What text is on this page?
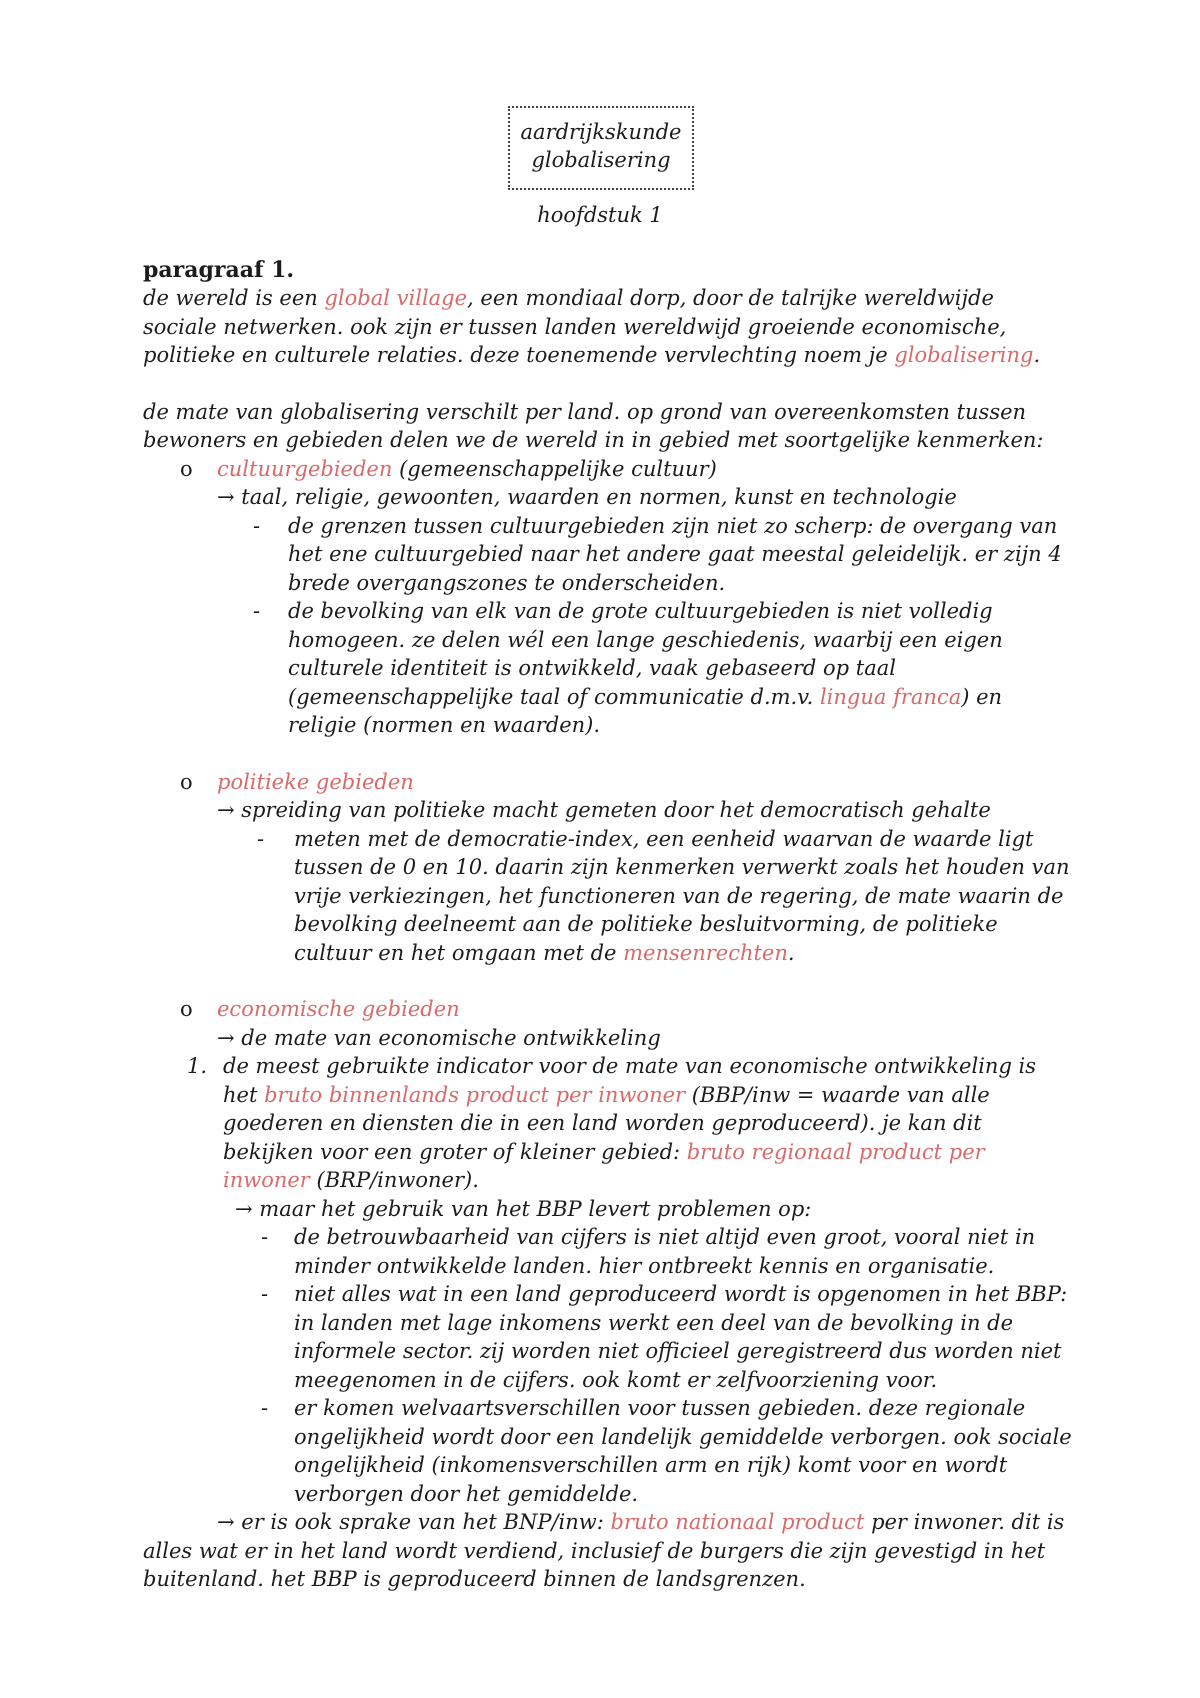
aardrijkskunde
globalisering
hoofdstuk 1

paragraaf 1.

de wereld is een global village, een mondiaal dorp, door de talrijke wereldwijde sociale netwerken. ook zijn er tussen landen wereldwijd groeiende economische, politieke en culturele relaties. deze toenemende vervlechting noem je globalisering.

de mate van globalisering verschilt per land. op grond van overeenkomsten tussen bewoners en gebieden delen we de wereld in in gebied met soortgelijke kenmerken:

o cultuurgebieden (gemeenschappelijke cultuur)
→ taal, religie, gewoonten, waarden en normen, kunst en technologie
- de grenzen tussen cultuurgebieden zijn niet zo scherp: de overgang van het ene cultuurgebied naar het andere gaat meestal geleidelijk. er zijn 4 brede overgangszones te onderscheiden.
- de bevolking van elk van de grote cultuurgebieden is niet volledig homogeen. ze delen wél een lange geschiedenis, waarbij een eigen culturele identiteit is ontwikkeld, vaak gebaseerd op taal (gemeenschappelijke taal of communicatie d.m.v. lingua franca) en religie (normen en waarden).
o politieke gebieden
→ spreiding van politieke macht gemeten door het democratisch gehalte
- meten met de democratie-index, een eenheid waarvan de waarde ligt tussen de 0 en 10. daarin zijn kenmerken verwerkt zoals het houden van vrije verkiezingen, het functioneren van de regering, de mate waarin de bevolking deelneemt aan de politieke besluitvorming, de politieke cultuur en het omgaan met de mensenrechten.
o economische gebieden
→ de mate van economische ontwikkeling
1. de meest gebruikte indicator voor de mate van economische ontwikkeling is het bruto binnenlands product per inwoner (BBP/inw = waarde van alle goederen en diensten die in een land worden geproduceerd). je kan dit bekijken voor een groter of kleiner gebied: bruto regionaal product per inwoner (BRP/inwoner).
→ maar het gebruik van het BBP levert problemen op:
- de betrouwbaarheid van cijfers is niet altijd even groot, vooral niet in minder ontwikkelde landen. hier ontbreekt kennis en organisatie.
- niet alles wat in een land geproduceerd wordt is opgenomen in het BBP: in landen met lage inkomens werkt een deel van de bevolking in de informele sector. zij worden niet officieel geregistreerd dus worden niet meegenomen in de cijfers. ook komt er zelfvoorziening voor.
- er komen welvaartsverschillen voor tussen gebieden. deze regionale ongelijkheid wordt door een landelijk gemiddelde verborgen. ook sociale ongelijkheid (inkomensverschillen arm en rijk) komt voor en wordt verborgen door het gemiddelde.

→ er is ook sprake van het BNP/inw: bruto nationaal product per inwoner. dit is alles wat er in het land wordt verdiend, inclusief de burgers die zijn gevestigd in het buitenland. het BBP is geproduceerd binnen de landsgrenzen.
